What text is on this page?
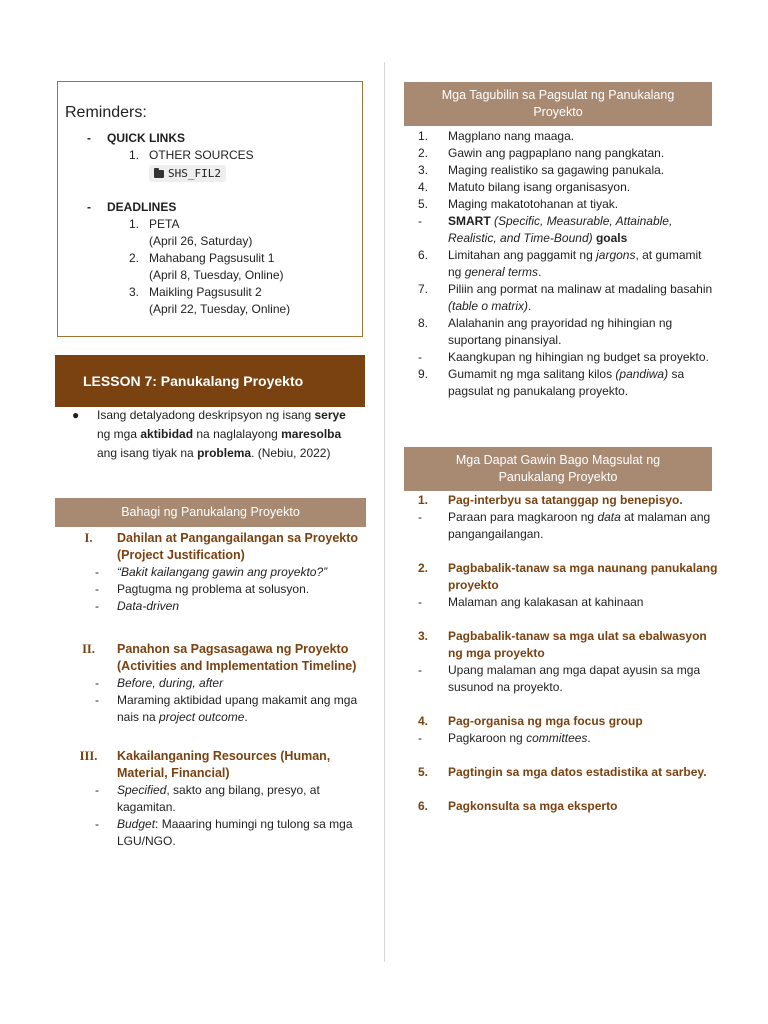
Reminders:
-	QUICK LINKS
1. OTHER SOURCES
SHS_FIL2
-	DEADLINES
1. PETA
(April 26, Saturday)
2. Mahabang Pagsusulit 1
(April 8, Tuesday, Online)
3. Maikling Pagsusulit 2
(April 22, Tuesday, Online)
LESSON 7: Panukalang Proyekto
●	Isang detalyadong deskripsyon ng isang serye ng mga aktibidad na naglalayong maresolba ang isang tiyak na problema. (Nebiu, 2022)
Bahagi ng Panukalang Proyekto
I.	Dahilan at Pangangailangan sa Proyekto (Project Justification)
-	“Bakit kailangang gawin ang proyekto?”
-	Pagtugma ng problema at solusyon.
-	Data-driven
II.	Panahon sa Pagsasagawa ng Proyekto (Activities and Implementation Timeline)
-	Before, during, after
-	Maraming aktibidad upang makamit ang mga nais na project outcome.
III.	Kakailanganing Resources (Human, Material, Financial)
-	Specified, sakto ang bilang, presyo, at kagamitan.
-	Budget: Maaaring humingi ng tulong sa mga LGU/NGO.
Mga Tagubilin sa Pagsulat ng Panukalang Proyekto
1.	Magplano nang maaga.
2.	Gawin ang pagpaplano nang pangkatan.
3.	Maging realistiko sa gagawing panukala.
4.	Matuto bilang isang organisasyon.
5.	Maging makatotohanan at tiyak.
-	SMART (Specific, Measurable, Attainable, Realistic, and Time-Bound) goals
6.	Limitahan ang paggamit ng jargons, at gumamit ng general terms.
7.	Piliin ang pormat na malinaw at madaling basahin (table o matrix).
8.	Alalahanin ang prayoridad ng hihingian ng suportang pinansiyal.
-	Kaangkupan ng hihingian ng budget sa proyekto.
9.	Gumamit ng mga salitang kilos (pandiwa) sa pagsulat ng panukalang proyekto.
Mga Dapat Gawin Bago Magsulat ng Panukalang Proyekto
1.	Pag-interbyu sa tatanggap ng benepisyo.
-	Paraan para magkaroon ng data at malaman ang pangangailangan.
2.	Pagbabalik-tanaw sa mga naunang panukalang proyekto
-	Malaman ang kalakasan at kahinaan
3.	Pagbabalik-tanaw sa mga ulat sa ebalwasyon ng mga proyekto
-	Upang malaman ang mga dapat ayusin sa mga susunod na proyekto.
4.	Pag-organisa ng mga focus group
-	Pagkaroon ng committees.
5.	Pagtingin sa mga datos estadistika at sarbey.
6.	Pagkonsulta sa mga eksperto
